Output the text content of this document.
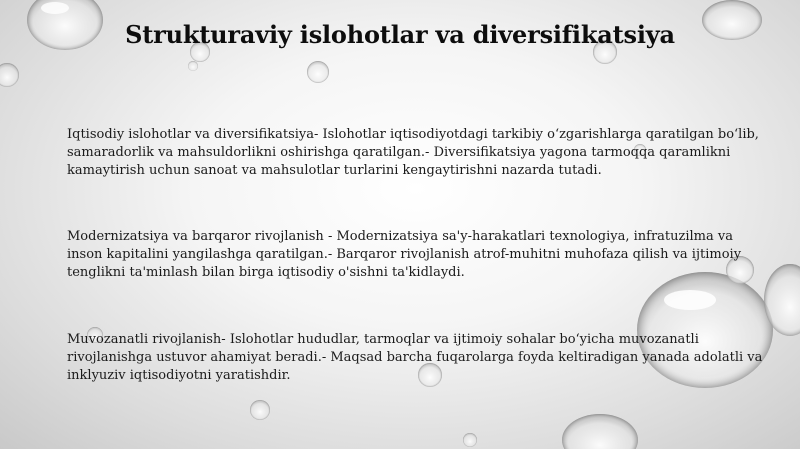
Strukturaviy islohotlar va diversifikatsiya

Iqtisodiy islohotlar va diversifikatsiya- Islohotlar iqtisodiyotdagi tarkibiy o‘zgarishlarga qaratilgan bo‘lib, samaradorlik va mahsuldorlikni oshirishga qaratilgan.- Diversifikatsiya yagona tarmoqqa qaramlikni kamaytirish uchun sanoat va mahsulotlar turlarini kengaytirishni nazarda tutadi.

Modernizatsiya va barqaror rivojlanish - Modernizatsiya sa'y-harakatlari texnologiya, infratuzilma va inson kapitalini yangilashga qaratilgan.- Barqaror rivojlanish atrof-muhitni muhofaza qilish va ijtimoiy tenglikni ta'minlash bilan birga iqtisodiy o'sishni ta'kidlaydi.

Muvozanatli rivojlanish- Islohotlar hududlar, tarmoqlar va ijtimoiy sohalar bo‘yicha muvozanatli rivojlanishga ustuvor ahamiyat beradi.- Maqsad barcha fuqarolarga foyda keltiradigan yanada adolatli va inklyuziv iqtisodiyotni yaratishdir.
